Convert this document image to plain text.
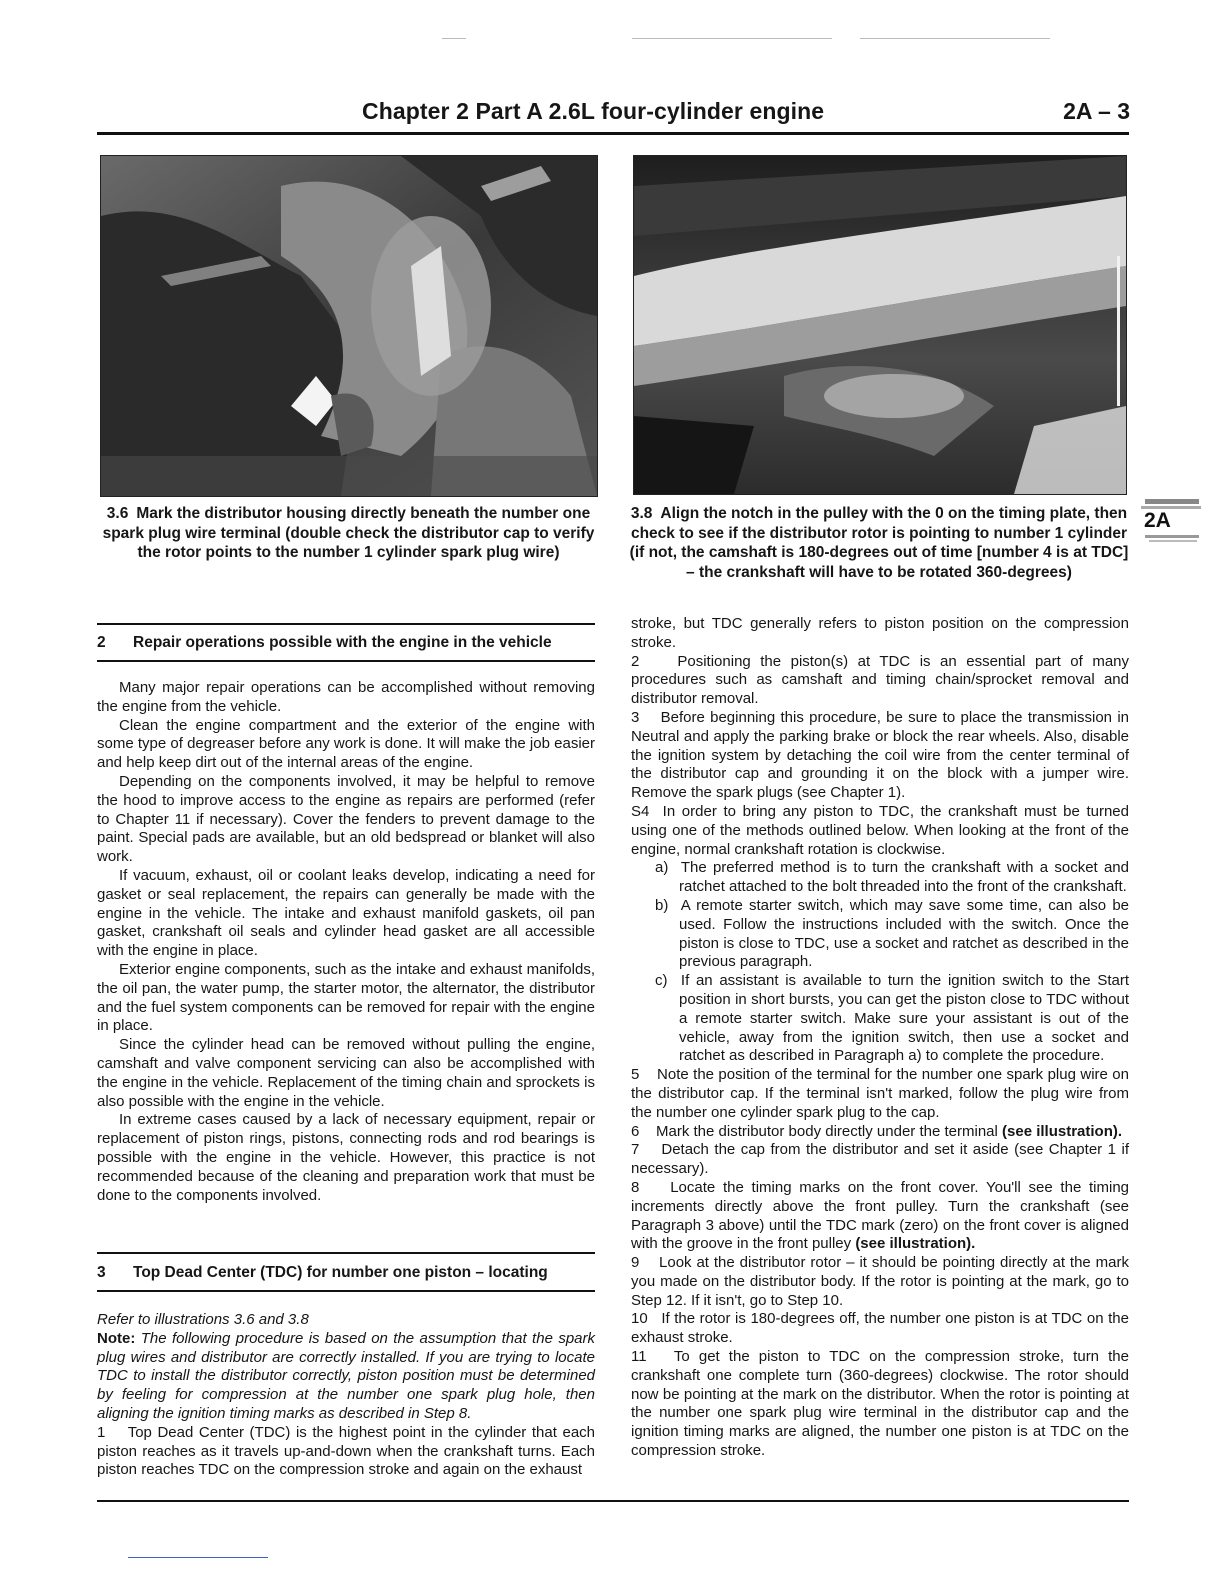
Chapter 2 Part A 2.6L four-cylinder engine	2A – 3
3.6 Mark the distributor housing directly beneath the number one spark plug wire terminal (double check the distributor cap to verify the rotor points to the number 1 cylinder spark plug wire)
3.8 Align the notch in the pulley with the 0 on the timing plate, then check to see if the distributor rotor is pointing to number 1 cylinder (if not, the camshaft is 180-degrees out of time [number 4 is at TDC] – the crankshaft will have to be rotated 360-degrees)
2A
2 Repair operations possible with the engine in the vehicle

Many major repair operations can be accomplished without removing the engine from the vehicle.

Clean the engine compartment and the exterior of the engine with some type of degreaser before any work is done. It will make the job easier and help keep dirt out of the internal areas of the engine.

Depending on the components involved, it may be helpful to remove the hood to improve access to the engine as repairs are performed (refer to Chapter 11 if necessary). Cover the fenders to prevent damage to the paint. Special pads are available, but an old bedspread or blanket will also work.

If vacuum, exhaust, oil or coolant leaks develop, indicating a need for gasket or seal replacement, the repairs can generally be made with the engine in the vehicle. The intake and exhaust manifold gaskets, oil pan gasket, crankshaft oil seals and cylinder head gasket are all accessible with the engine in place.

Exterior engine components, such as the intake and exhaust manifolds, the oil pan, the water pump, the starter motor, the alternator, the distributor and the fuel system components can be removed for repair with the engine in place.

Since the cylinder head can be removed without pulling the engine, camshaft and valve component servicing can also be accomplished with the engine in the vehicle. Replacement of the timing chain and sprockets is also possible with the engine in the vehicle.

In extreme cases caused by a lack of necessary equipment, repair or replacement of piston rings, pistons, connecting rods and rod bearings is possible with the engine in the vehicle. However, this practice is not recommended because of the cleaning and preparation work that must be done to the components involved.

3 Top Dead Center (TDC) for number one piston – locating

Refer to illustrations 3.6 and 3.8

Note: The following procedure is based on the assumption that the spark plug wires and distributor are correctly installed. If you are trying to locate TDC to install the distributor correctly, piston position must be determined by feeling for compression at the number one spark plug hole, then aligning the ignition timing marks as described in Step 8.

1 Top Dead Center (TDC) is the highest point in the cylinder that each piston reaches as it travels up-and-down when the crankshaft turns. Each piston reaches TDC on the compression stroke and again on the exhaust

stroke, but TDC generally refers to piston position on the compression stroke.

2	Positioning the piston(s) at TDC is an essential part of many procedures such as camshaft and timing chain/sprocket removal and distributor removal.

3 Before beginning this procedure, be sure to place the transmission in Neutral and apply the parking brake or block the rear wheels. Also, disable the ignition system by detaching the coil wire from the center terminal of the distributor cap and grounding it on the block with a jumper wire. Remove the spark plugs (see Chapter 1).

S4 In order to bring any piston to TDC, the crankshaft must be turned using one of the methods outlined below. When looking at the front of the engine, normal crankshaft rotation is clockwise.

a) The preferred method is to turn the crankshaft with a socket and ratchet attached to the bolt threaded into the front of the crankshaft.

b) A remote starter switch, which may save some time, can also be used. Follow the instructions included with the switch. Once the piston is close to TDC, use a socket and ratchet as described in the previous paragraph.

c) If an assistant is available to turn the ignition switch to the Start position in short bursts, you can get the piston close to TDC without a remote starter switch. Make sure your assistant is out of the vehicle, away from the ignition switch, then use a socket and ratchet as described in Paragraph a) to complete the procedure.

5 Note the position of the terminal for the number one spark plug wire on the distributor cap. If the terminal isn't marked, follow the plug wire from the number one cylinder spark plug to the cap.

6 Mark the distributor body directly under the terminal (see illustration).

7 Detach the cap from the distributor and set it aside (see Chapter 1 if necessary).

8 Locate the timing marks on the front cover. You'll see the timing increments directly above the front pulley. Turn the crankshaft (see Paragraph 3 above) until the TDC mark (zero) on the front cover is aligned with the groove in the front pulley (see illustration).

9 Look at the distributor rotor – it should be pointing directly at the mark you made on the distributor body. If the rotor is pointing at the mark, go to Step 12. If it isn't, go to Step 10.

10 If the rotor is 180-degrees off, the number one piston is at TDC on the exhaust stroke.

11 To get the piston to TDC on the compression stroke, turn the crankshaft one complete turn (360-degrees) clockwise. The rotor should now be pointing at the mark on the distributor. When the rotor is pointing at the number one spark plug wire terminal in the distributor cap and the ignition timing marks are aligned, the number one piston is at TDC on the compression stroke.
